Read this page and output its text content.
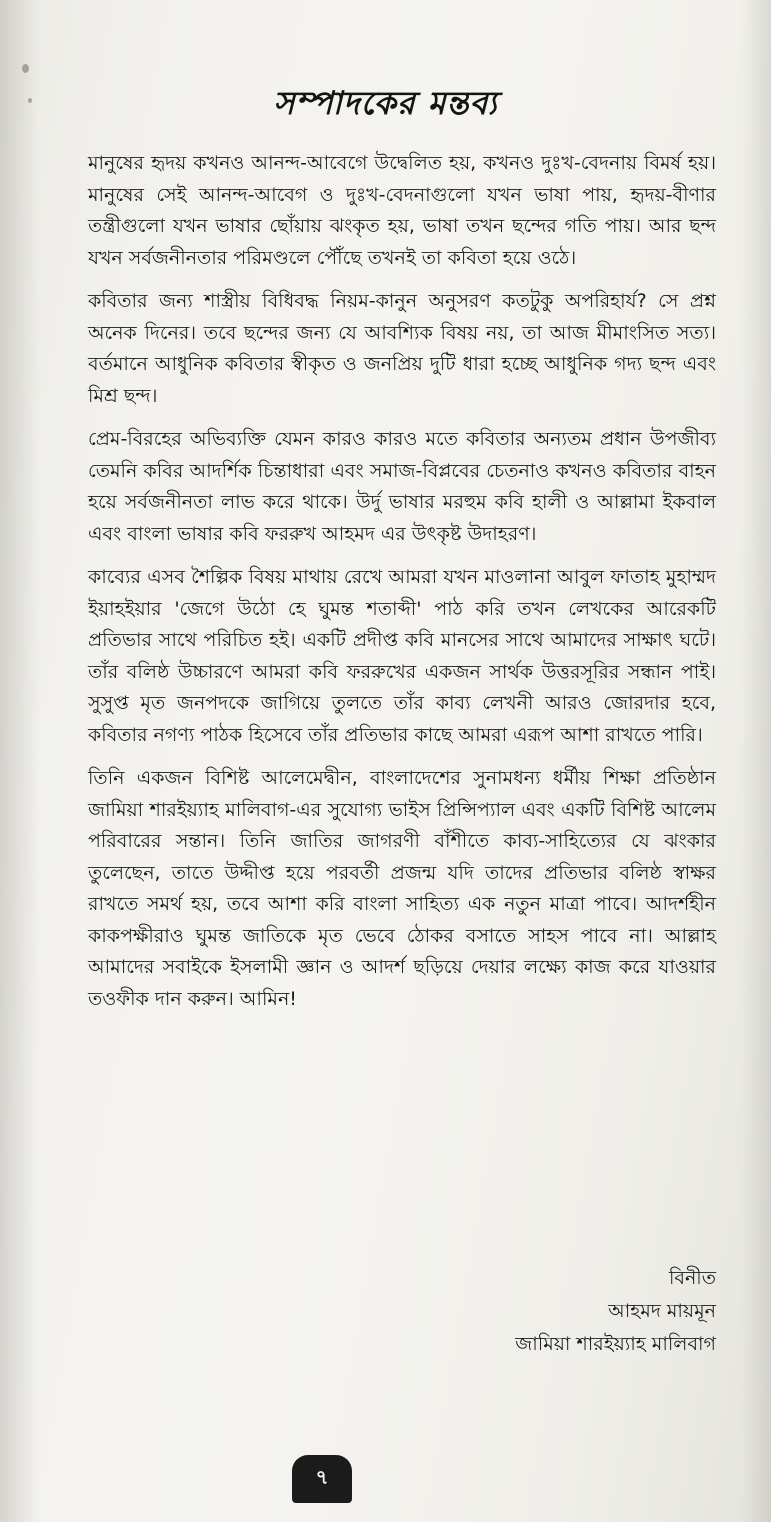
সম্পাদকের মন্তব্য

মানুষের হৃদয় কখনও আনন্দ-আবেগে উদ্বেলিত হয়, কখনও দুঃখ-বেদনায় বিমর্ষ হয়। মানুষের সেই আনন্দ-আবেগ ও দুঃখ-বেদনাগুলো যখন ভাষা পায়, হৃদয়-বীণার তন্ত্রীগুলো যখন ভাষার ছোঁয়ায় ঝংকৃত হয়, ভাষা তখন ছন্দের গতি পায়। আর ছন্দ যখন সর্বজনীনতার পরিমণ্ডলে পৌঁছে তখনই তা কবিতা হয়ে ওঠে।

কবিতার জন্য শাস্ত্রীয় বিধিবদ্ধ নিয়ম-কানুন অনুসরণ কতটুকু অপরিহার্য? সে প্রশ্ন অনেক দিনের। তবে ছন্দের জন্য যে আবশ্যিক বিষয় নয়, তা আজ মীমাংসিত সত্য। বর্তমানে আধুনিক কবিতার স্বীকৃত ও জনপ্রিয় দুটি ধারা হচ্ছে আধুনিক গদ্য ছন্দ এবং মিশ্র ছন্দ।

প্রেম-বিরহের অভিব্যক্তি যেমন কারও কারও মতে কবিতার অন্যতম প্রধান উপজীব্য তেমনি কবির আদর্শিক চিন্তাধারা এবং সমাজ-বিপ্লবের চেতনাও কখনও কবিতার বাহন হয়ে সর্বজনীনতা লাভ করে থাকে। উর্দু ভাষার মরহুম কবি হালী ও আল্লামা ইকবাল এবং বাংলা ভাষার কবি ফররুখ আহমদ এর উৎকৃষ্ট উদাহরণ।

কাব্যের এসব শৈল্পিক বিষয় মাথায় রেখে আমরা যখন মাওলানা আবুল ফাতাহ মুহাম্মদ ইয়াহইয়ার 'জেগে উঠো হে ঘুমন্ত শতাব্দী' পাঠ করি তখন লেখকের আরেকটি প্রতিভার সাথে পরিচিত হই। একটি প্রদীপ্ত কবি মানসের সাথে আমাদের সাক্ষাৎ ঘটে। তাঁর বলিষ্ঠ উচ্চারণে আমরা কবি ফররুখের একজন সার্থক উত্তরসূরির সন্ধান পাই। সুসুপ্ত মৃত জনপদকে জাগিয়ে তুলতে তাঁর কাব্য লেখনী আরও জোরদার হবে, কবিতার নগণ্য পাঠক হিসেবে তাঁর প্রতিভার কাছে আমরা এরূপ আশা রাখতে পারি।

তিনি একজন বিশিষ্ট আলেমেদ্বীন, বাংলাদেশের সুনামধন্য ধর্মীয় শিক্ষা প্রতিষ্ঠান জামিয়া শারইয়্যাহ মালিবাগ-এর সুযোগ্য ভাইস প্রিন্সিপ্যাল এবং একটি বিশিষ্ট আলেম পরিবারের সন্তান। তিনি জাতির জাগরণী বাঁশীতে কাব্য-সাহিত্যের যে ঝংকার তুলেছেন, তাতে উদ্দীপ্ত হয়ে পরবর্তী প্রজন্ম যদি তাদের প্রতিভার বলিষ্ঠ স্বাক্ষর রাখতে সমর্থ হয়, তবে আশা করি বাংলা সাহিত্য এক নতুন মাত্রা পাবে। আদর্শহীন কাকপক্ষীরাও ঘুমন্ত জাতিকে মৃত ভেবে ঠোকর বসাতে সাহস পাবে না। আল্লাহ আমাদের সবাইকে ইসলামী জ্ঞান ও আদর্শ ছড়িয়ে দেয়ার লক্ষ্যে কাজ করে যাওয়ার তওফীক দান করুন। আমিন!

বিনীত
আহমদ মায়মূন
জামিয়া শারইয়্যাহ মালিবাগ
৭
